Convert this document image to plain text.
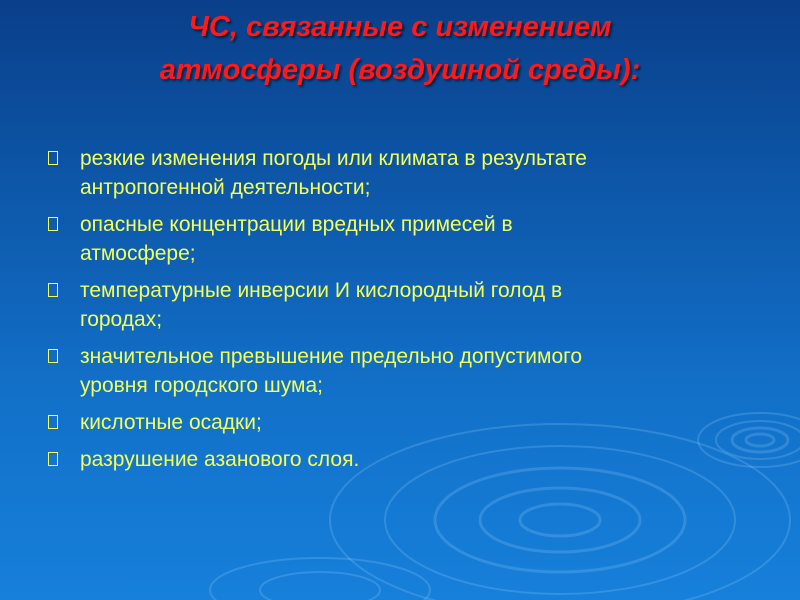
ЧС, связанные с изменением
атмосферы (воздушной среды):
резкие изменения погоды или климата в результате
антропогенной деятельности;
опасные концентрации вредных примесей в
атмосфере;
температурные инверсии И кислородный голод в
городах;
значительное превышение предельно допустимого
уровня городского шума;
кислотные осадки;
разрушение азанового слоя.
